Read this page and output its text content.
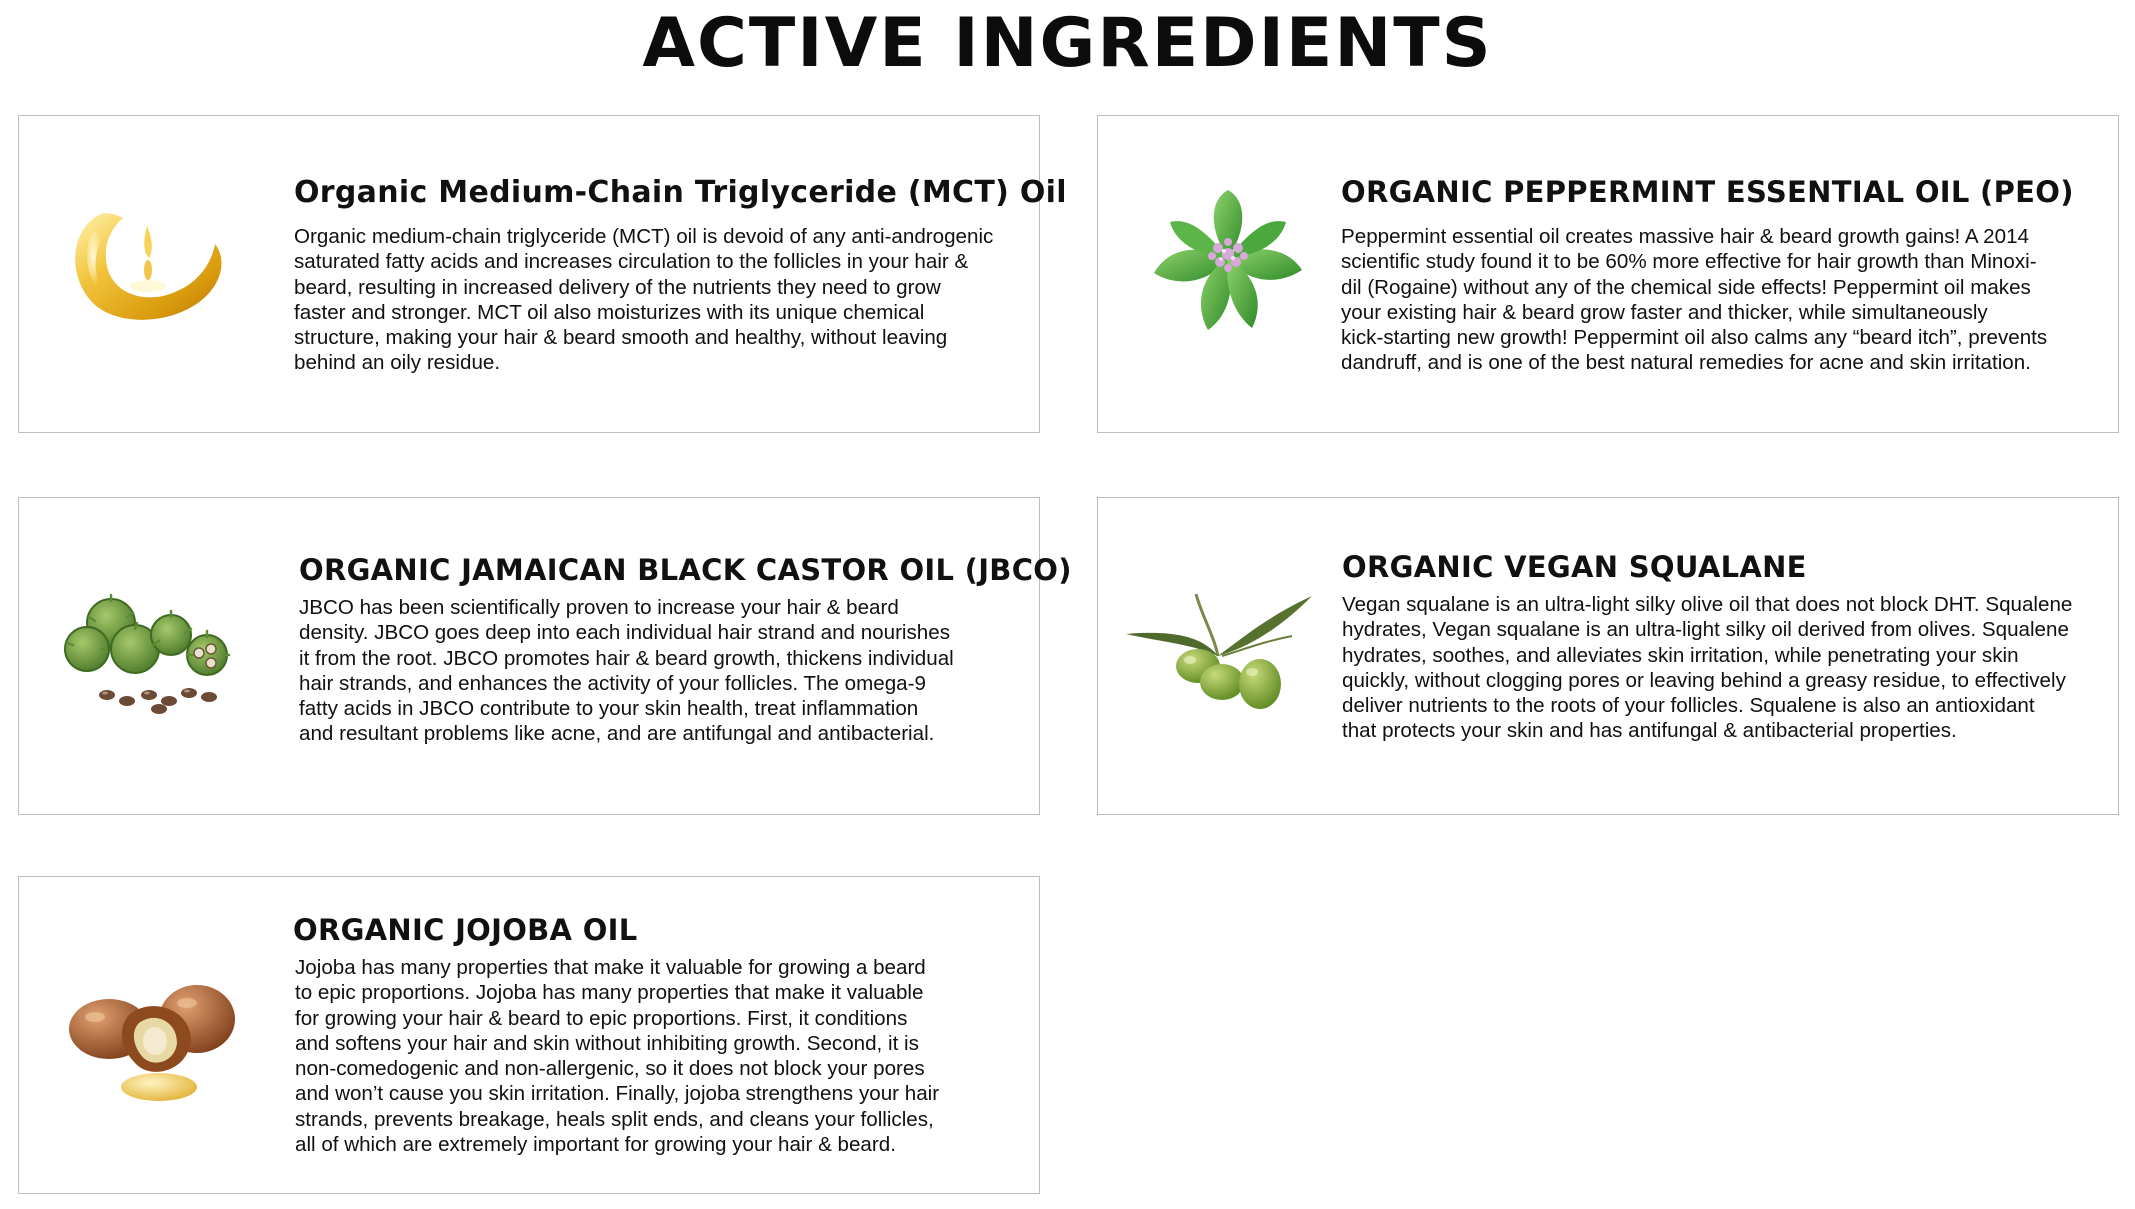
ACTIVE INGREDIENTS
Organic Medium-Chain Triglyceride (MCT) Oil
Organic medium-chain triglyceride (MCT) oil is devoid of any anti-androgenic
saturated fatty acids and increases circulation to the follicles in your hair &
beard, resulting in increased delivery of the nutrients they need to grow
faster and stronger. MCT oil also moisturizes with its unique chemical
structure, making your hair & beard smooth and healthy, without leaving
behind an oily residue.
ORGANIC PEPPERMINT ESSENTIAL OIL (PEO)
Peppermint essential oil creates massive hair & beard growth gains! A 2014
scientific study found it to be 60% more effective for hair growth than Minoxi-
dil (Rogaine) without any of the chemical side effects! Peppermint oil makes
your existing hair & beard grow faster and thicker, while simultaneously
kick-starting new growth! Peppermint oil also calms any “beard itch”, prevents
dandruff, and is one of the best natural remedies for acne and skin irritation.
ORGANIC JAMAICAN BLACK CASTOR OIL (JBCO)
JBCO has been scientifically proven to increase your hair & beard
density. JBCO goes deep into each individual hair strand and nourishes
it from the root. JBCO promotes hair & beard growth, thickens individual
hair strands, and enhances the activity of your follicles. The omega-9
fatty acids in JBCO contribute to your skin health, treat inflammation
and resultant problems like acne, and are antifungal and antibacterial.
ORGANIC VEGAN SQUALANE
Vegan squalane is an ultra-light silky olive oil that does not block DHT. Squalene
hydrates, Vegan squalane is an ultra-light silky oil derived from olives. Squalene
hydrates, soothes, and alleviates skin irritation, while penetrating your skin
quickly, without clogging pores or leaving behind a greasy residue, to effectively
deliver nutrients to the roots of your follicles. Squalene is also an antioxidant
that protects your skin and has antifungal & antibacterial properties.
ORGANIC JOJOBA OIL
Jojoba has many properties that make it valuable for growing a beard
to epic proportions. Jojoba has many properties that make it valuable
for growing your hair & beard to epic proportions. First, it conditions
and softens your hair and skin without inhibiting growth. Second, it is
non-comedogenic and non-allergenic, so it does not block your pores
and won’t cause you skin irritation. Finally, jojoba strengthens your hair
strands, prevents breakage, heals split ends, and cleans your follicles,
all of which are extremely important for growing your hair & beard.
